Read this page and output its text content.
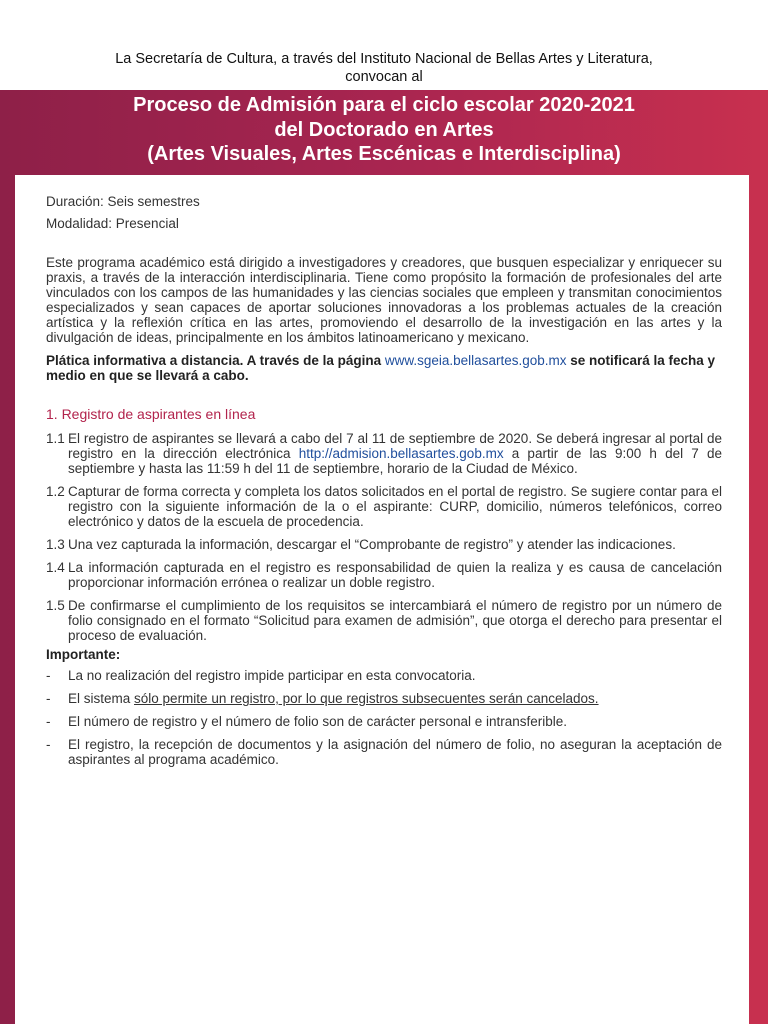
La Secretaría de Cultura, a través del Instituto Nacional de Bellas Artes y Literatura,
convocan al
Proceso de Admisión para el ciclo escolar 2020-2021
del Doctorado en Artes
(Artes Visuales, Artes Escénicas e Interdisciplina)

Duración: Seis semestres

Modalidad: Presencial

Este programa académico está dirigido a investigadores y creadores, que busquen especializar y enriquecer su praxis, a través de la interacción interdisciplinaria. Tiene como propósito la formación de profesionales del arte vinculados con los campos de las humanidades y las ciencias sociales que empleen y transmitan conocimientos especializados y sean capaces de aportar soluciones innovadoras a los problemas actuales de la creación artística y la reflexión crítica en las artes, promoviendo el desarrollo de la investigación en las artes y la divulgación de ideas, principalmente en los ámbitos latinoamericano y mexicano.

Plática informativa a distancia. A través de la página www.sgeia.bellasartes.gob.mx se notificará la fecha y medio en que se llevará a cabo.

1. Registro de aspirantes en línea
1.1 El registro de aspirantes se llevará a cabo del 7 al 11 de septiembre de 2020. Se deberá ingresar al portal de registro en la dirección electrónica http://admision.bellasartes.gob.mx a partir de las 9:00 h del 7 de septiembre y hasta las 11:59 h del 11 de septiembre, horario de la Ciudad de México.
1.2 Capturar de forma correcta y completa los datos solicitados en el portal de registro. Se sugiere contar para el registro con la siguiente información de la o el aspirante: CURP, domicilio, números telefónicos, correo electrónico y datos de la escuela de procedencia.
1.3 Una vez capturada la información, descargar el “Comprobante de registro” y atender las indicaciones.
1.4 La información capturada en el registro es responsabilidad de quien la realiza y es causa de cancelación proporcionar información errónea o realizar un doble registro.
1.5 De confirmarse el cumplimiento de los requisitos se intercambiará el número de registro por un número de folio consignado en el formato “Solicitud para examen de admisión”, que otorga el derecho para presentar el proceso de evaluación.
Importante:
-	La no realización del registro impide participar en esta convocatoria.
-	El sistema sólo permite un registro, por lo que registros subsecuentes serán cancelados.
-	El número de registro y el número de folio son de carácter personal e intransferible.
-	El registro, la recepción de documentos y la asignación del número de folio, no aseguran la aceptación de aspirantes al programa académico.
